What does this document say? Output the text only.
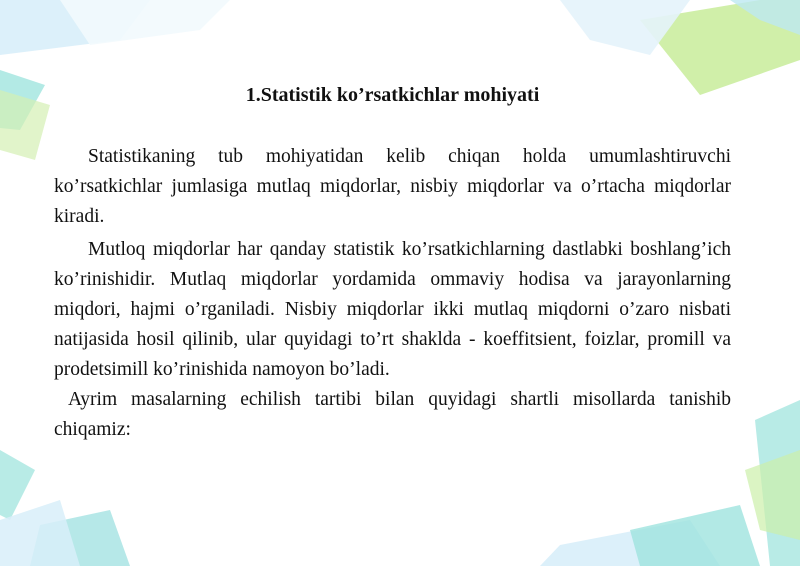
1.Statistik ko’rsatkichlar mohiyati

Statistikaning tub mohiyatidan kelib chiqan holda umumlashtiruvchi ko’rsatkichlar jumlasiga mutlaq miqdorlar, nisbiy miqdorlar va o’rtacha miqdorlar kiradi.

Mutloq miqdorlar har qanday statistik ko’rsatkichlarning dastlabki boshlang’ich ko’rinishidir. Mutlaq miqdorlar yordamida ommaviy hodisa va jarayonlarning miqdori, hajmi o’rganiladi. Nisbiy miqdorlar ikki mutlaq miqdorni o’zaro nisbati natijasida hosil qilinib, ular quyidagi to’rt shaklda - koeffitsient, foizlar, promill va prodetsimill ko’rinishida namoyon bo’ladi.

Ayrim masalarning echilish tartibi bilan quyidagi shartli misollarda tanishib chiqamiz:
